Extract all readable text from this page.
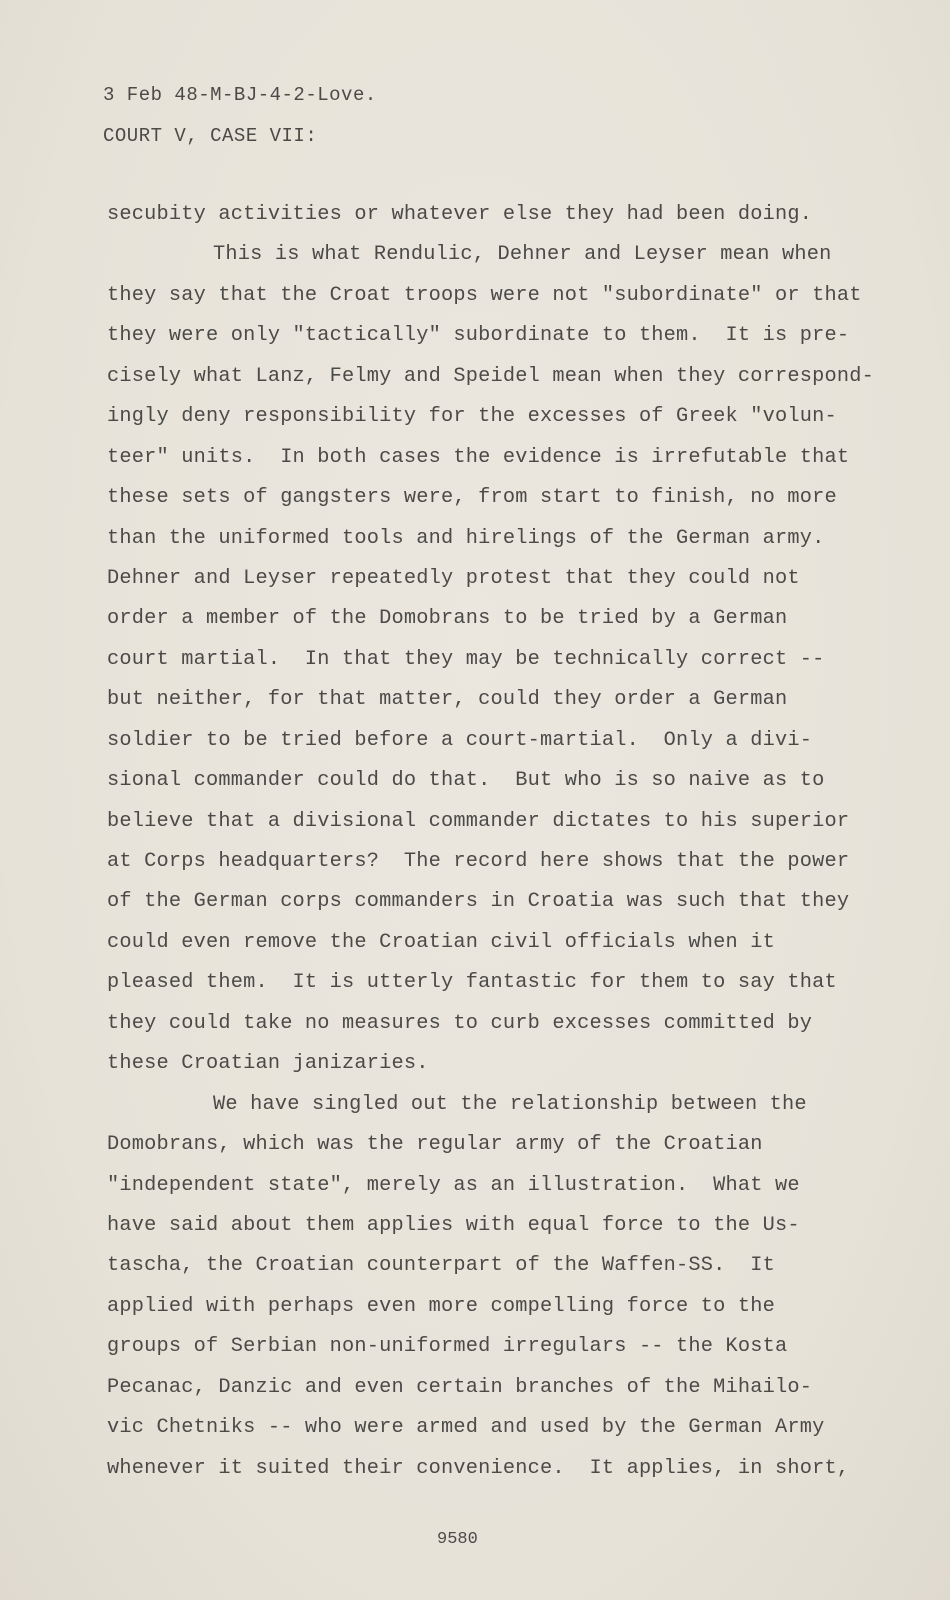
3 Feb 48-M-BJ-4-2-Love.
COURT V, CASE VII:
secubity activities or whatever else they had been doing.
This is what Rendulic, Dehner and Leyser mean when
they say that the Croat troops were not "subordinate" or that
they were only "tactically" subordinate to them.  It is pre-
cisely what Lanz, Felmy and Speidel mean when they correspond-
ingly deny responsibility for the excesses of Greek "volun-
teer" units.  In both cases the evidence is irrefutable that
these sets of gangsters were, from start to finish, no more
than the uniformed tools and hirelings of the German army.
Dehner and Leyser repeatedly protest that they could not
order a member of the Domobrans to be tried by a German
court martial.  In that they may be technically correct --
but neither, for that matter, could they order a German
soldier to be tried before a court-martial.  Only a divi-
sional commander could do that.  But who is so naive as to
believe that a divisional commander dictates to his superior
at Corps headquarters?  The record here shows that the power
of the German corps commanders in Croatia was such that they
could even remove the Croatian civil officials when it
pleased them.  It is utterly fantastic for them to say that
they could take no measures to curb excesses committed by
these Croatian janizaries.
We have singled out the relationship between the
Domobrans, which was the regular army of the Croatian
"independent state", merely as an illustration.  What we
have said about them applies with equal force to the Us-
tascha, the Croatian counterpart of the Waffen-SS.  It
applied with perhaps even more compelling force to the
groups of Serbian non-uniformed irregulars -- the Kosta
Pecanac, Danzic and even certain branches of the Mihailo-
vic Chetniks -- who were armed and used by the German Army
whenever it suited their convenience.  It applies, in short,
9580
